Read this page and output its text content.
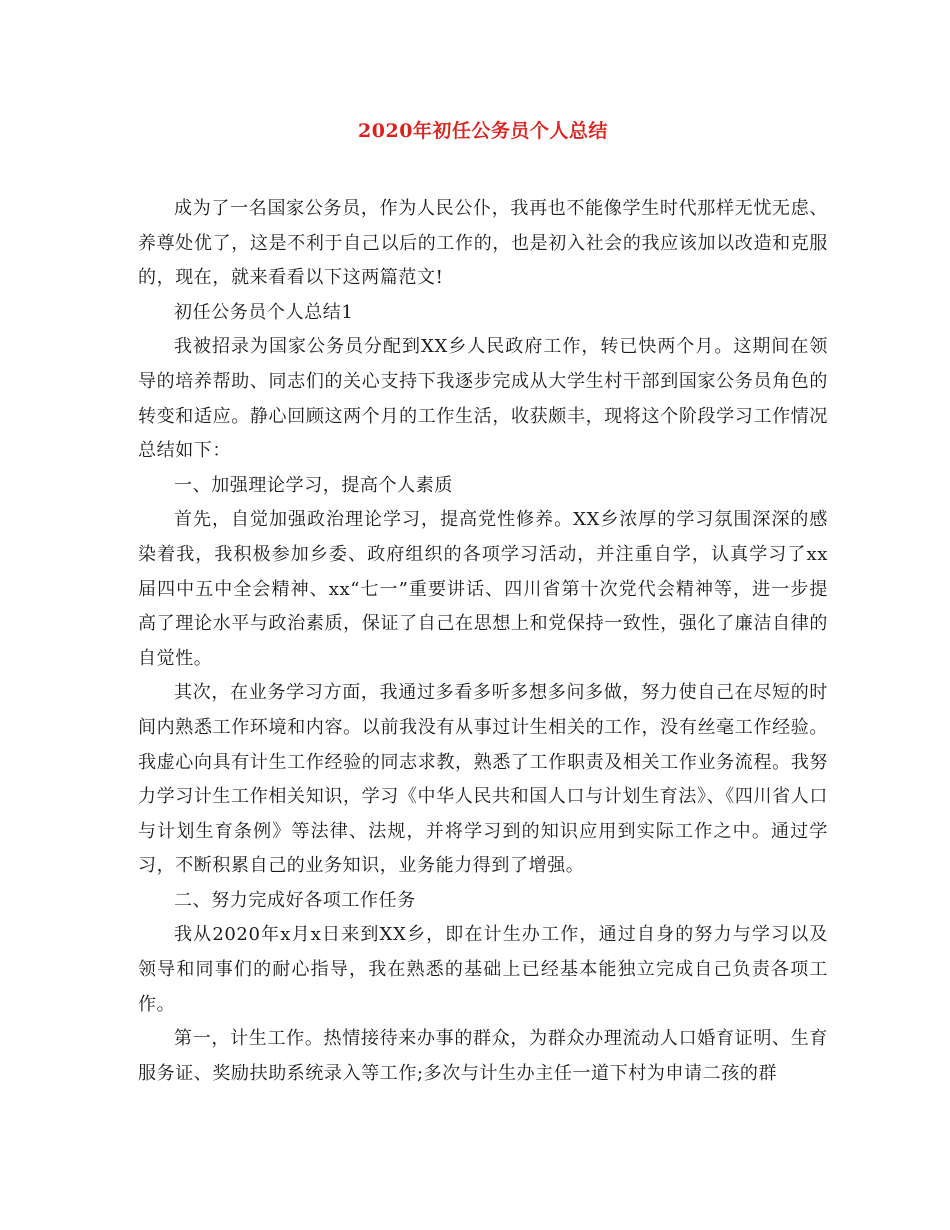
2020年初任公务员个人总结

成为了一名国家公务员，作为人民公仆，我再也不能像学生时代那样无忧无虑、养尊处优了，这是不利于自己以后的工作的，也是初入社会的我应该加以改造和克服的，现在，就来看看以下这两篇范文!

初任公务员个人总结1

我被招录为国家公务员分配到XX乡人民政府工作，转已快两个月。这期间在领导的培养帮助、同志们的关心支持下我逐步完成从大学生村干部到国家公务员角色的转变和适应。静心回顾这两个月的工作生活，收获颇丰，现将这个阶段学习工作情况总结如下：

一、加强理论学习，提高个人素质

首先，自觉加强政治理论学习，提高党性修养。XX乡浓厚的学习氛围深深的感染着我，我积极参加乡委、政府组织的各项学习活动，并注重自学，认真学习了xx届四中五中全会精神、xx“七一”重要讲话、四川省第十次党代会精神等，进一步提高了理论水平与政治素质，保证了自己在思想上和党保持一致性，强化了廉洁自律的自觉性。

其次，在业务学习方面，我通过多看多听多想多问多做，努力使自己在尽短的时间内熟悉工作环境和内容。以前我没有从事过计生相关的工作，没有丝毫工作经验。我虚心向具有计生工作经验的同志求教，熟悉了工作职责及相关工作业务流程。我努力学习计生工作相关知识，学习《中华人民共和国人口与计划生育法》、《四川省人口与计划生育条例》等法律、法规，并将学习到的知识应用到实际工作之中。通过学习，不断积累自己的业务知识，业务能力得到了增强。

二、努力完成好各项工作任务

我从2020年x月x日来到XX乡，即在计生办工作，通过自身的努力与学习以及领导和同事们的耐心指导，我在熟悉的基础上已经基本能独立完成自己负责各项工作。

第一，计生工作。热情接待来办事的群众，为群众办理流动人口婚育证明、生育服务证、奖励扶助系统录入等工作;多次与计生办主任一道下村为申请二孩的群
